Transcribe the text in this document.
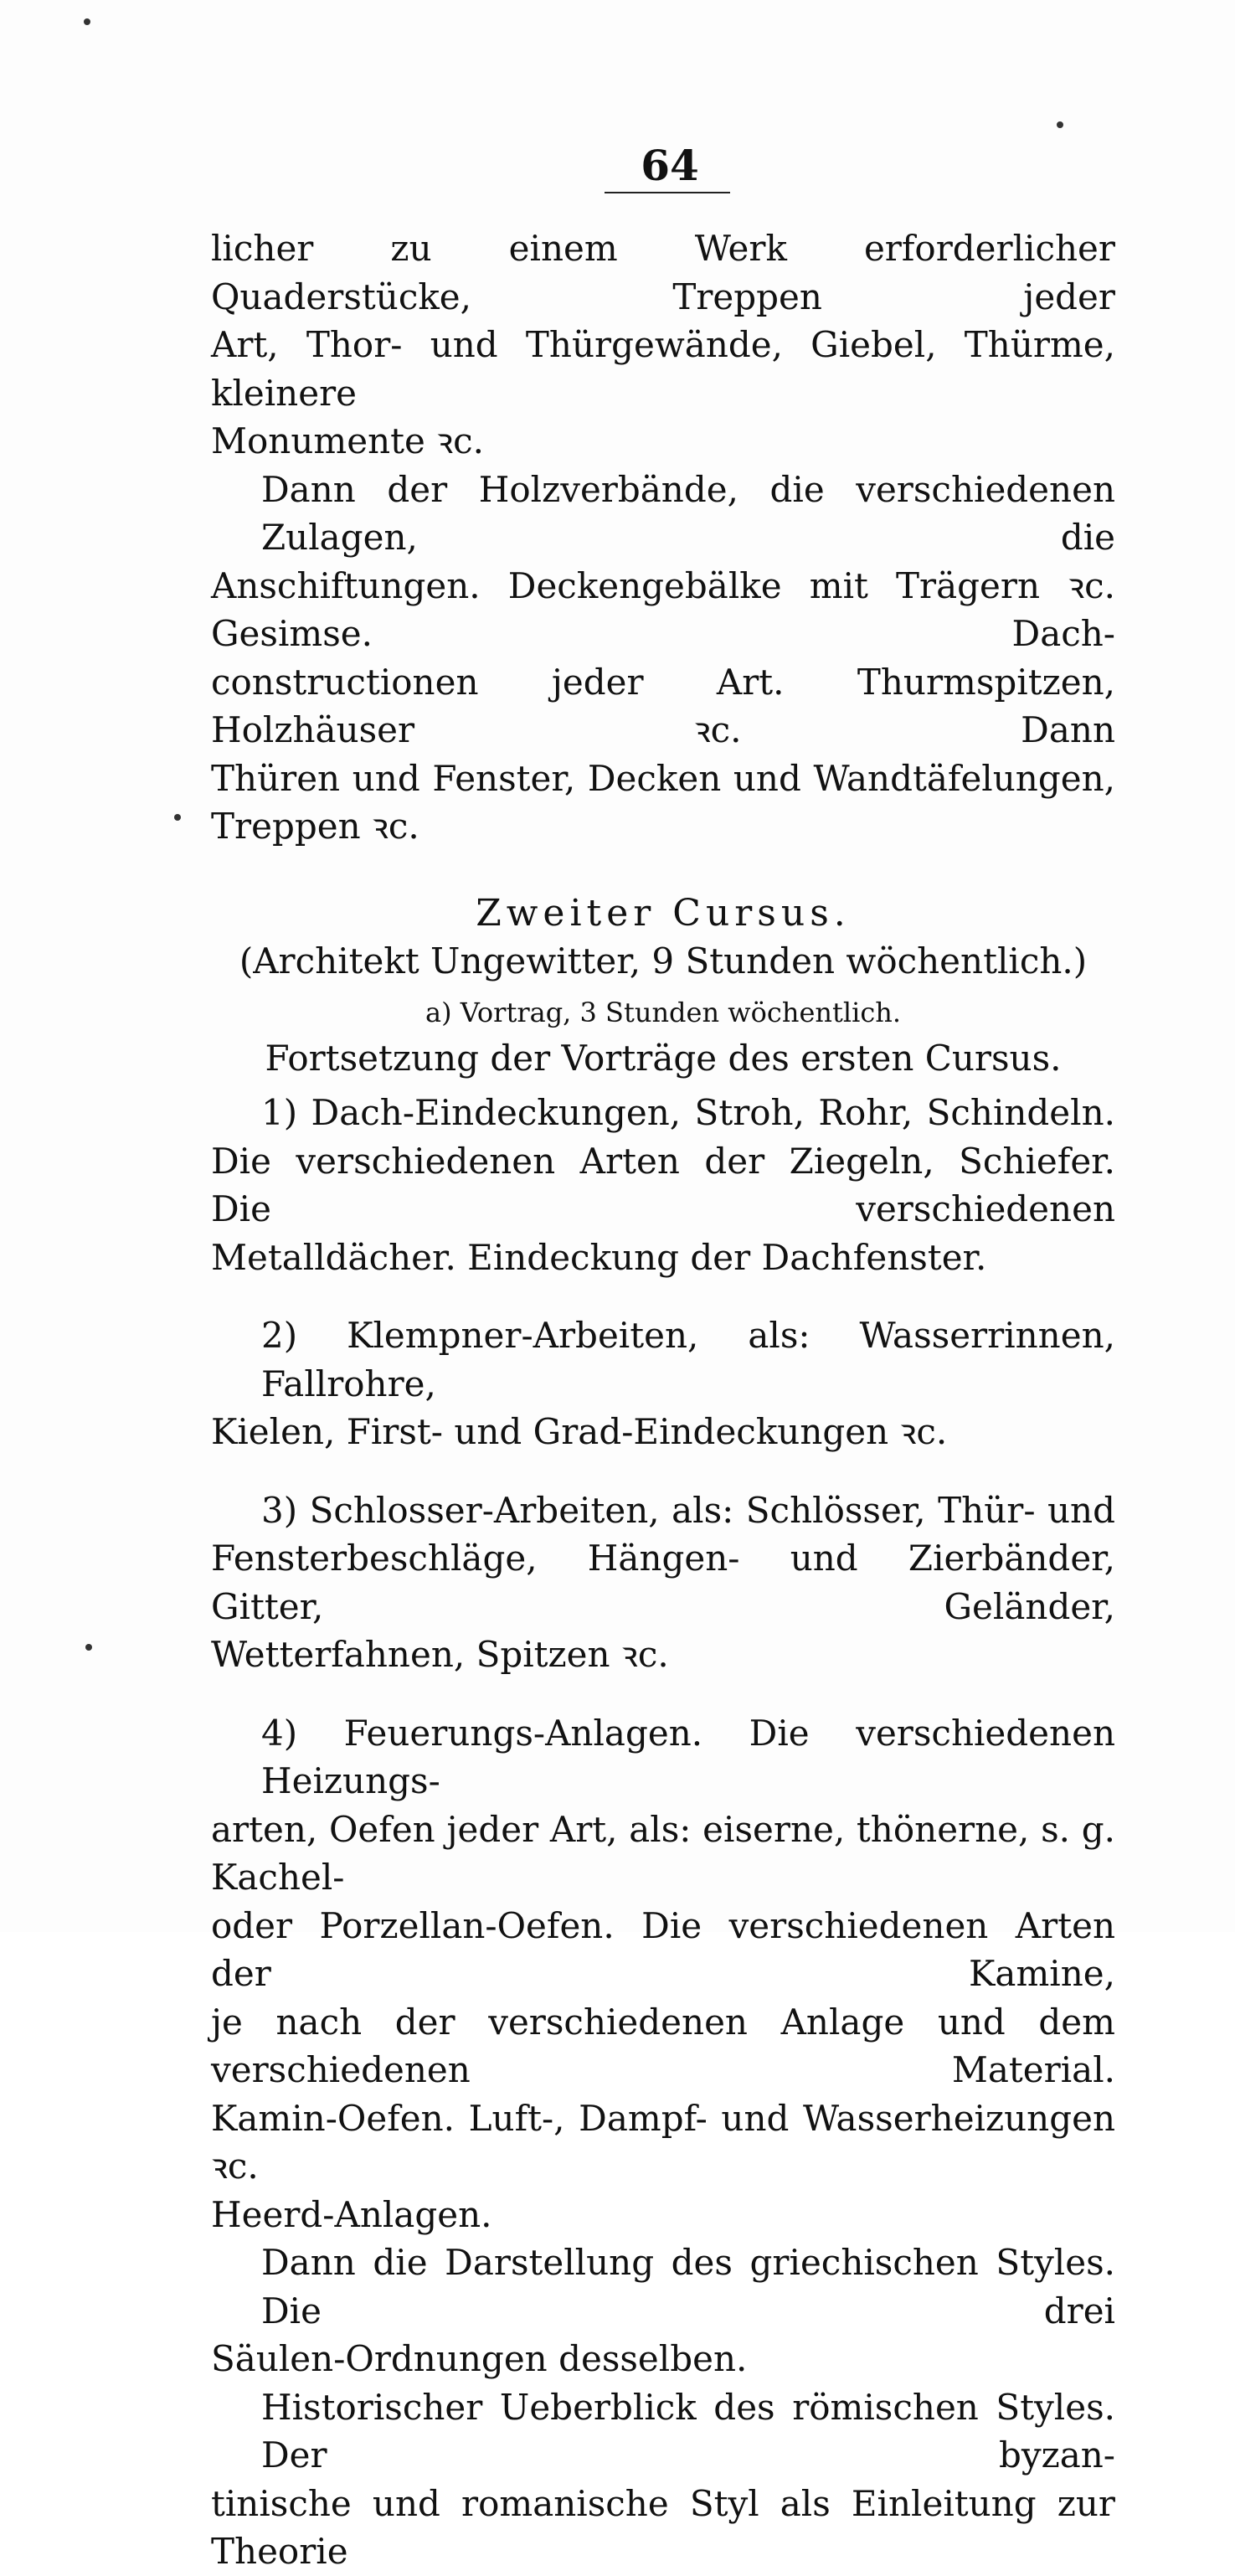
64

licher zu einem Werk erforderlicher Quaderstücke, Treppen jeder

Art, Thor- und Thürgewände, Giebel, Thürme, kleinere

Monumente ꝛc.

Dann der Holzverbände, die verschiedenen Zulagen, die

Anschiftungen. Deckengebälke mit Trägern ꝛc. Gesimse. Dach-

constructionen jeder Art. Thurmspitzen, Holzhäuser ꝛc. Dann

Thüren und Fenster, Decken und Wandtäfelungen, Treppen ꝛc.

Zweiter Cursus.

(Architekt Ungewitter, 9 Stunden wöchentlich.)

a) Vortrag, 3 Stunden wöchentlich.

Fortsetzung der Vorträge des ersten Cursus.

1) Dach-Eindeckungen, Stroh, Rohr, Schindeln.

Die verschiedenen Arten der Ziegeln, Schiefer. Die verschiedenen

Metalldächer. Eindeckung der Dachfenster.

2) Klempner-Arbeiten, als: Wasserrinnen, Fallrohre,

Kielen, First- und Grad-Eindeckungen ꝛc.

3) Schlosser-Arbeiten, als: Schlösser, Thür- und

Fensterbeschläge, Hängen- und Zierbänder, Gitter, Geländer,

Wetterfahnen, Spitzen ꝛc.

4) Feuerungs-Anlagen. Die verschiedenen Heizungs-

arten, Oefen jeder Art, als: eiserne, thönerne, s. g. Kachel-

oder Porzellan-Oefen. Die verschiedenen Arten der Kamine,

je nach der verschiedenen Anlage und dem verschiedenen Material.

Kamin-Oefen. Luft-, Dampf- und Wasserheizungen ꝛc.

Heerd-Anlagen.

Dann die Darstellung des griechischen Styles. Die drei

Säulen-Ordnungen desselben.

Historischer Ueberblick des römischen Styles. Der byzan-

tinische und romanische Styl als Einleitung zur Theorie
